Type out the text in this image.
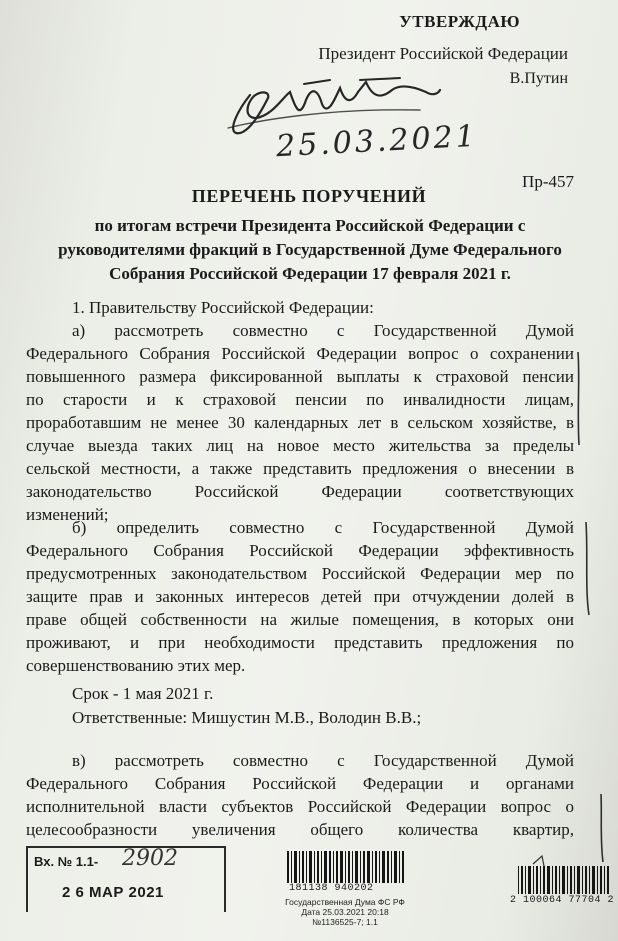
УТВЕРЖДАЮ
Президент Российской Федерации
В.Путин
25.03.2021
Пр-457
ПЕРЕЧЕНЬ ПОРУЧЕНИЙ
по итогам встречи Президента Российской Федерации с
руководителями фракций в Государственной Думе Федерального
Собрания Российской Федерации 17 февраля 2021 г.
1. Правительству Российской Федерации:
а) рассмотреть совместно с Государственной Думой
Федерального Собрания Российской Федерации вопрос о сохранении
повышенного размера фиксированной выплаты к страховой пенсии
по старости и к страховой пенсии по инвалидности лицам,
проработавшим не менее 30 календарных лет в сельском хозяйстве, в
случае выезда таких лиц на новое место жительства за пределы
сельской местности, а также представить предложения о внесении в
законодательство Российской Федерации соответствующих
изменений;
б) определить совместно с Государственной Думой
Федерального Собрания Российской Федерации эффективность
предусмотренных законодательством Российской Федерации мер по
защите прав и законных интересов детей при отчуждении долей в
праве общей собственности на жилые помещения, в которых они
проживают, и при необходимости представить предложения по
совершенствованию этих мер.
Срок - 1 мая 2021 г.
Ответственные: Мишустин М.В., Володин В.В.;
в) рассмотреть совместно с Государственной Думой
Федерального Собрания Российской Федерации и органами
исполнительной власти субъектов Российской Федерации вопрос о
целесообразности увеличения общего количества квартир,
Вх. № 1.1- 2902
2 6 МАР 2021	181138 940202
Государственная Дума ФС РФ
Дата 25.03.2021 20:18
№1136525-7; 1.1
2 100064 77704 2
